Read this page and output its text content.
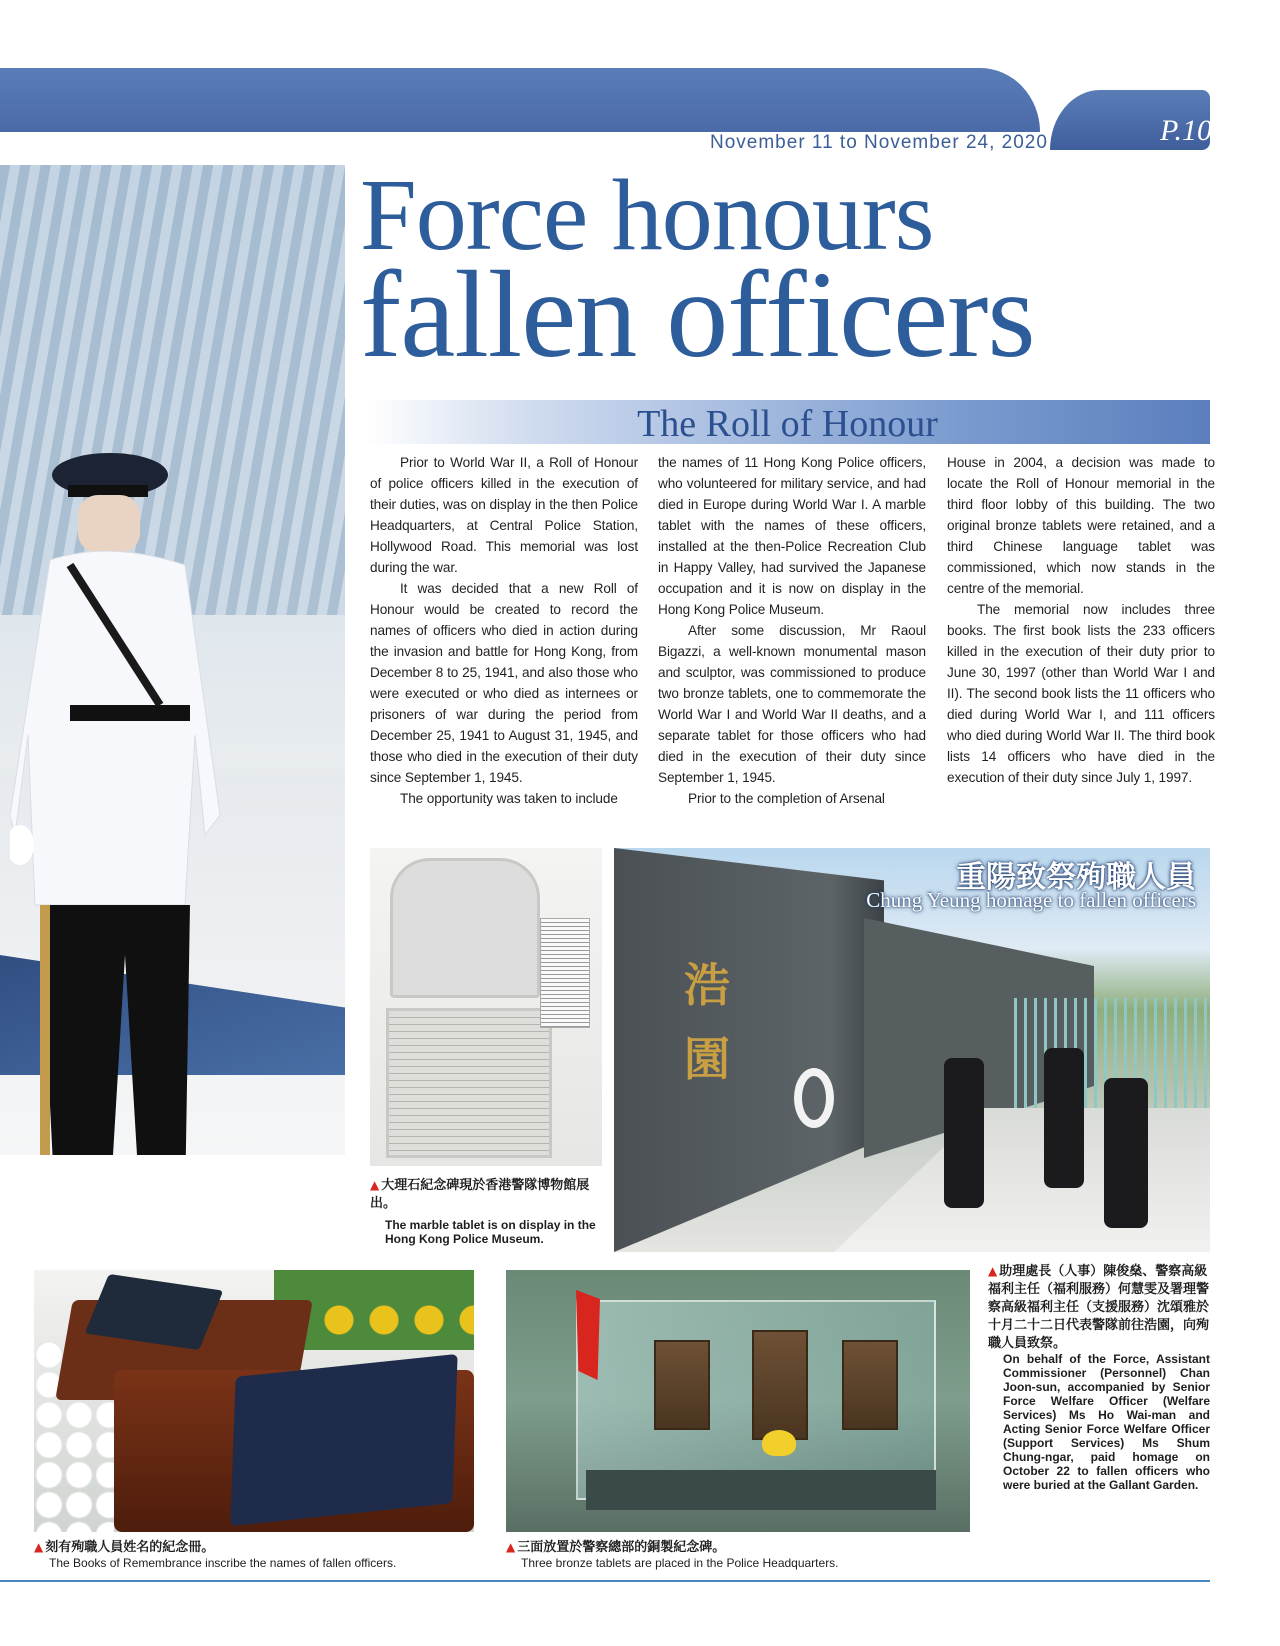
P.10
November 11 to November 24, 2020
Force honours
fallen officers
The Roll of Honour

Prior to World War II, a Roll of Honour of police officers killed in the execution of their duties, was on display in the then Police Headquarters, at Central Police Station, Hollywood Road. This memorial was lost during the war.

It was decided that a new Roll of Honour would be created to record the names of officers who died in action during the invasion and battle for Hong Kong, from December 8 to 25, 1941, and also those who were executed or who died as internees or prisoners of war during the period from December 25, 1941 to August 31, 1945, and those who died in the execution of their duty since September 1, 1945.

The opportunity was taken to include

the names of 11 Hong Kong Police officers, who volunteered for military service, and had died in Europe during World War I. A marble tablet with the names of these officers, installed at the then-Police Recreation Club in Happy Valley, had survived the Japanese occupation and it is now on display in the Hong Kong Police Museum.

After some discussion, Mr Raoul Bigazzi, a well-known monumental mason and sculptor, was commissioned to produce two bronze tablets, one to commemorate the World War I and World War II deaths, and a separate tablet for those officers who had died in the execution of their duty since September 1, 1945.

Prior to the completion of Arsenal

House in 2004, a decision was made to locate the Roll of Honour memorial in the third floor lobby of this building. The two original bronze tablets were retained, and a third Chinese language tablet was commissioned, which now stands in the centre of the memorial.

The memorial now includes three books. The first book lists the 233 officers killed in the execution of their duty prior to June 30, 1997 (other than World War I and II). The second book lists the 11 officers who died during World War I, and 111 officers who died during World War II. The third book lists 14 officers who have died in the execution of their duty since July 1, 1997.

▲ 大理石紀念碑現於香港警隊博物館展出。
The marble tablet is on display in the Hong Kong Police Museum.
浩園
重陽致祭殉職人員
Chung Yeung homage to fallen officers
▲ 助理處長（人事）陳俊燊、警察高級福利主任（福利服務）何慧雯及署理警察高級福利主任（支援服務）沈頌雅於十月二十二日代表警隊前往浩園，向殉職人員致祭。
On behalf of the Force, Assistant Commissioner (Personnel) Chan Joon-sun, accompanied by Senior Force Welfare Officer (Welfare Services) Ms Ho Wai-man and Acting Senior Force Welfare Officer (Support Services) Ms Shum Chung-ngar, paid homage on October 22 to fallen officers who were buried at the Gallant Garden.
▲ 刻有殉職人員姓名的紀念冊。
The Books of Remembrance inscribe the names of fallen officers.
▲ 三面放置於警察總部的銅製紀念碑。
Three bronze tablets are placed in the Police Headquarters.
